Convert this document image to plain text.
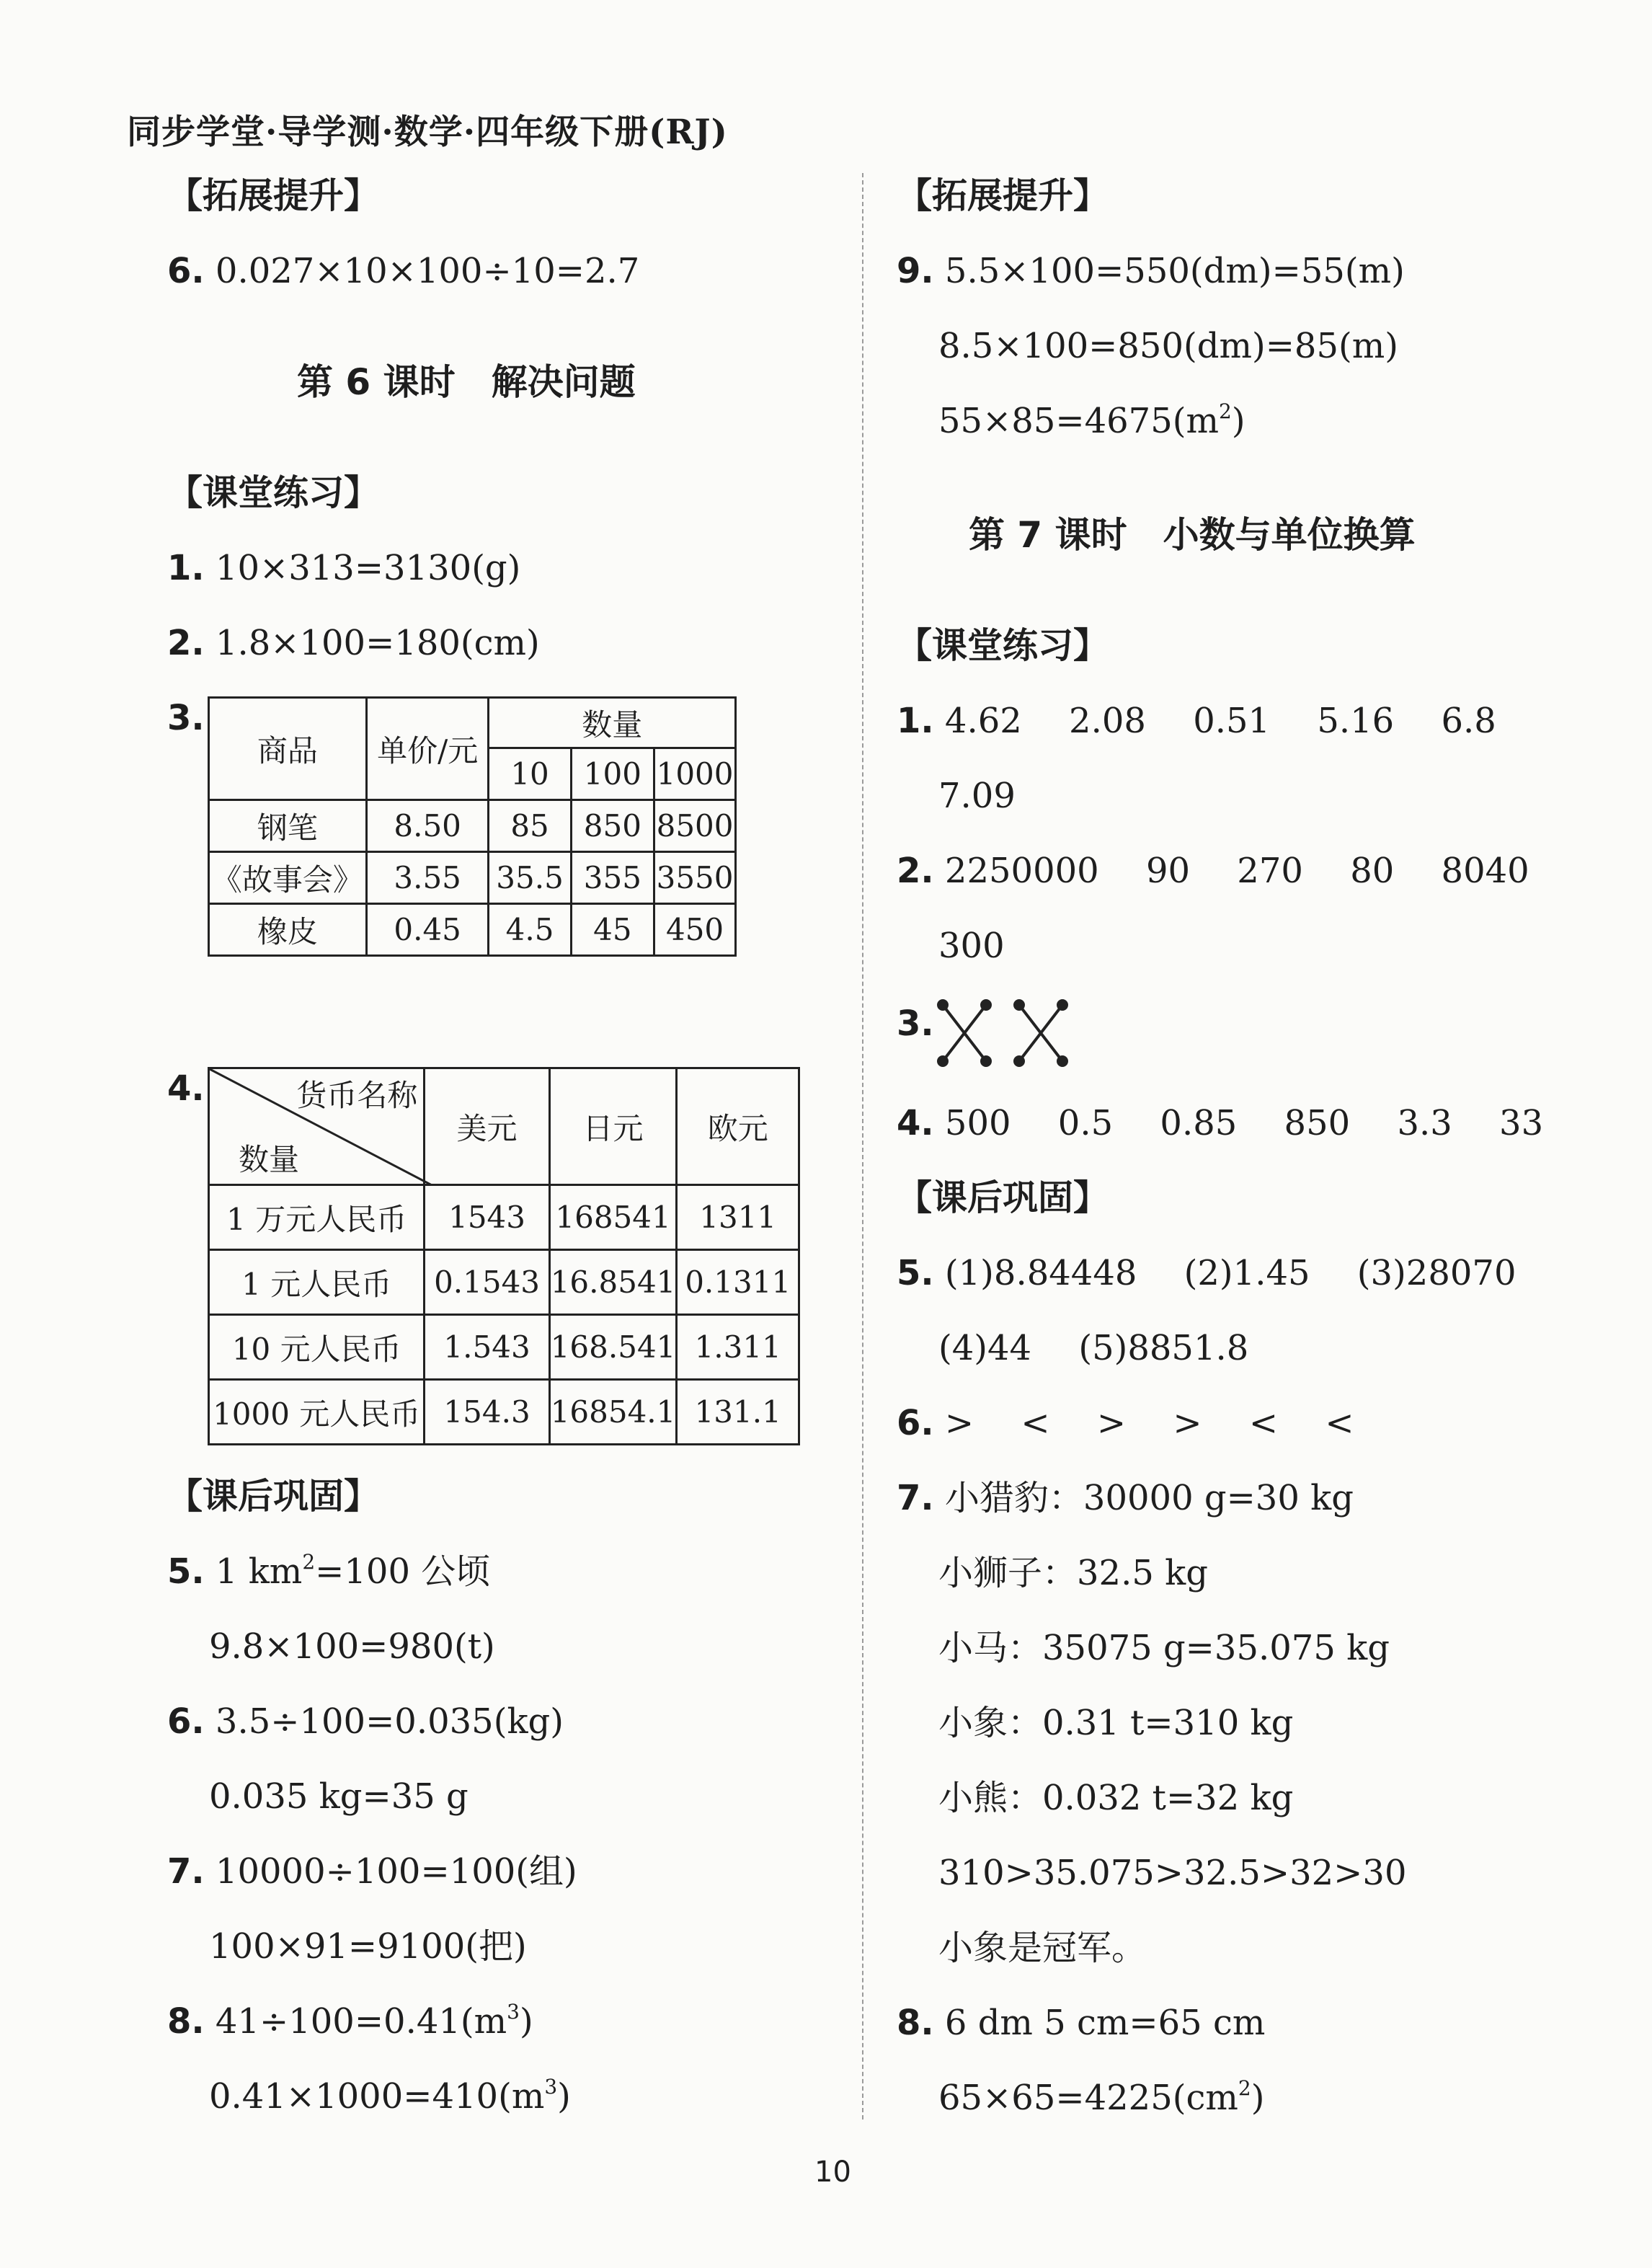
同步学堂·导学测·数学·四年级下册(RJ)
【拓展提升】
6. 0.027×10×100÷10=2.7
第 6 课时　解决问题
【课堂练习】
1. 10×313=3130(g)
2. 1.8×100=180(cm)
3.
商品	单价/元	数量		
		10	100	1000
钢笔	8.50	85	850	8500
《故事会》	3.55	35.5	355	3550
橡皮	0.45	4.5	45	450
4.	货币名称
数量	美元	日元	欧元
1 万元人民币	1543	168541	1311
1 元人民币	0.1543	16.8541	0.1311
10 元人民币	1.543	168.541	1.311
1000 元人民币	154.3	16854.1	131.1
【课后巩固】
5. 1 $km^2=100$ 公顷
9.8×100=980(t)
6. 3.5÷100=0.035(kg)
0.035 kg=35 g
7. 10000÷100=100(组)
100×91=9100(把)
8. $41\div 100=0.41(m^3)$
$0.41\times 1000=410(m^3)$
【拓展提升】
9. 5.5×100=550(dm)=55(m)
8.5×100=850(dm)=85(m)
$55\times 85=4675(m^2)$
第 7 课时　小数与单位换算
【课堂练习】
1. 4.62 2.08 0.51 5.16 6.8
7.09
2. 2250000 90 270 80 8040
300
3.
4. 500 0.5 0.85 850 3.3 33
【课后巩固】
5. (1)8.84448 (2)1.45 (3)28070
(4)44 (5)8851.8
6. > < > > < <
7. 小猎豹：30000 g=30 kg
小狮子：32.5 kg
小马：35075 g=35.075 kg
小象：0.31 t=310 kg
小熊：0.032 t=32 kg
310>35.075>32.5>32>30
小象是冠军。
8. 6 dm 5 cm=65 cm
$65\times 65=4225(cm^2)$
10
